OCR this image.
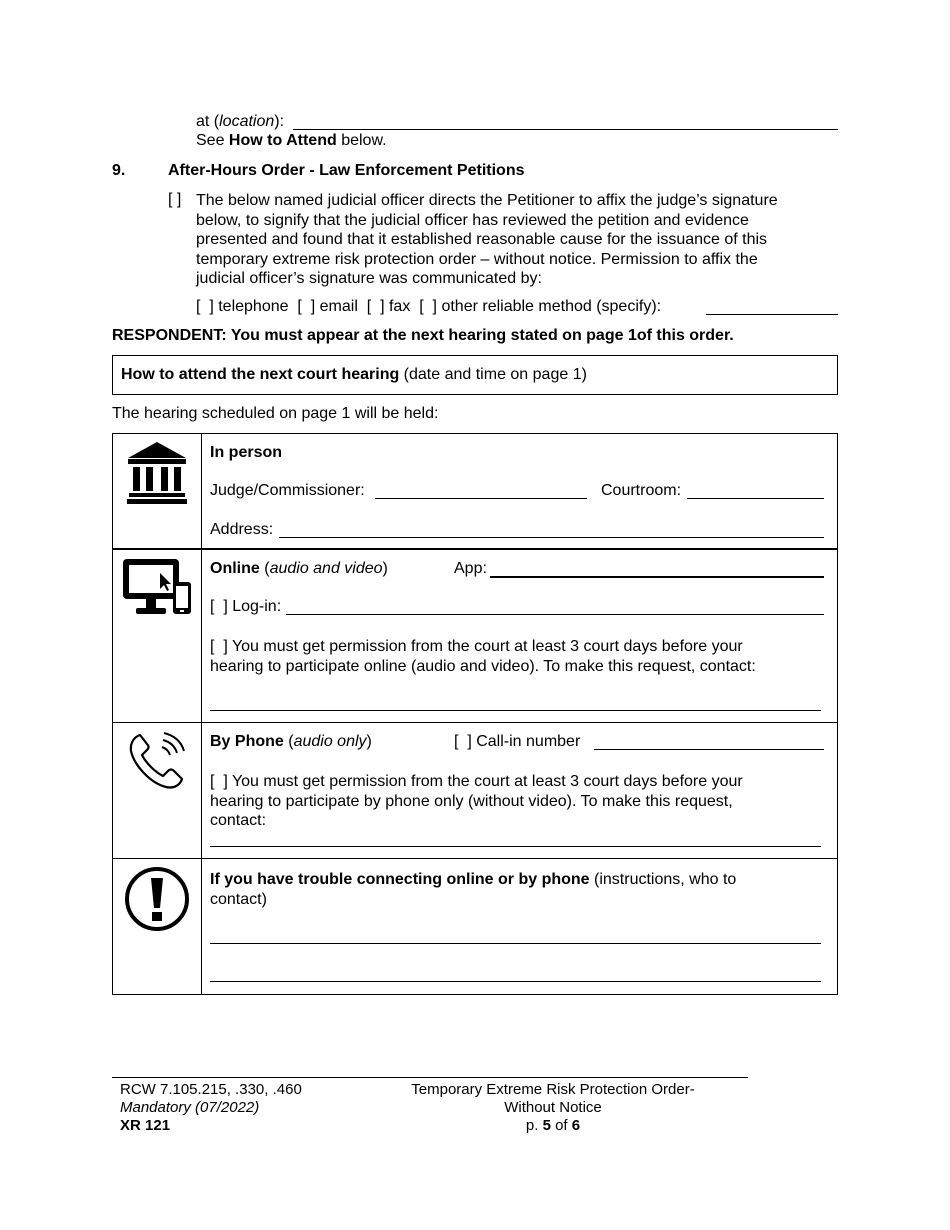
at (location):
See How to Attend below.
9.	After-Hours Order - Law Enforcement Petitions
[ ] The below named judicial officer directs the Petitioner to affix the judge’s signature
below, to signify that the judicial officer has reviewed the petition and evidence
presented and found that it established reasonable cause for the issuance of this
temporary extreme risk protection order – without notice. Permission to affix the
judicial officer’s signature was communicated by:
[  ] telephone  [  ] email  [  ] fax  [  ] other reliable method (specify):
RESPONDENT: You must appear at the next hearing stated on page 1of this order.
How to attend the next court hearing (date and time on page 1)
The hearing scheduled on page 1 will be held:
In person
Judge/Commissioner:	Courtroom:
Address:
Online (audio and video)	App:
[  ] Log-in:
[  ] You must get permission from the court at least 3 court days before your
hearing to participate online (audio and video). To make this request, contact:
By Phone (audio only)	[  ] Call-in number
[  ] You must get permission from the court at least 3 court days before your
hearing to participate by phone only (without video). To make this request,
contact:
If you have trouble connecting online or by phone (instructions, who to
contact)
RCW 7.105.215, .330, .460
Mandatory (07/2022)
XR 121
Temporary Extreme Risk Protection Order-
Without Notice
p. 5 of 6
